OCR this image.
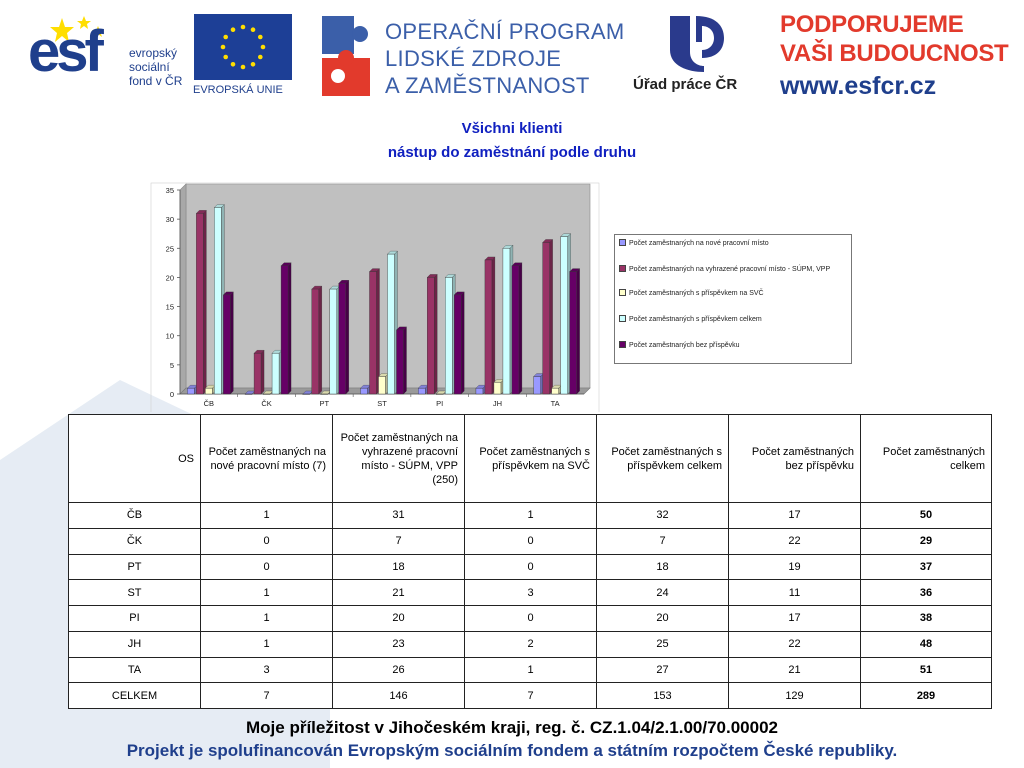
esf evropský
sociální
fond v ČR
EVROPSKÁ UNIE
OPERAČNÍ PROGRAM
LIDSKÉ ZDROJE
A ZAMĚSTNANOST	Úřad práce ČR
PODPORUJEME
VAŠI BUDOUCNOST
www.esfcr.cz
Všichni klienti
nástup do zaměstnání podle druhu
0
5
10
15
20
25
30
35
ČB	ČK	PT	ST	PI	JH	TA
Počet zaměstnaných na nové pracovní místo
Počet zaměstnaných na vyhrazené pracovní místo - SÚPM, VPP
Počet zaměstnaných s příspěvkem na SVČ
Počet zaměstnaných s příspěvkem celkem
Počet zaměstnaných bez příspěvku
OS	Počet zaměstnaných na nové pracovní místo (7)	Počet zaměstnaných na vyhrazené pracovní místo - SÚPM, VPP (250)	Počet zaměstnaných s příspěvkem na SVČ	Počet zaměstnaných s příspěvkem celkem	Počet zaměstnaných bez příspěvku	Počet zaměstnaných celkem
ČB	1	31	1	32	17	50
ČK	0	7	0	7	22	29
PT	0	18	0	18	19	37
ST	1	21	3	24	11	36
PI	1	20	0	20	17	38
JH	1	23	2	25	22	48
TA	3	26	1	27	21	51
CELKEM	7	146	7	153	129	289
Moje příležitost v Jihočeském kraji, reg. č. CZ.1.04/2.1.00/70.00002
Projekt je spolufinancován Evropským sociálním fondem a státním rozpočtem České republiky.
